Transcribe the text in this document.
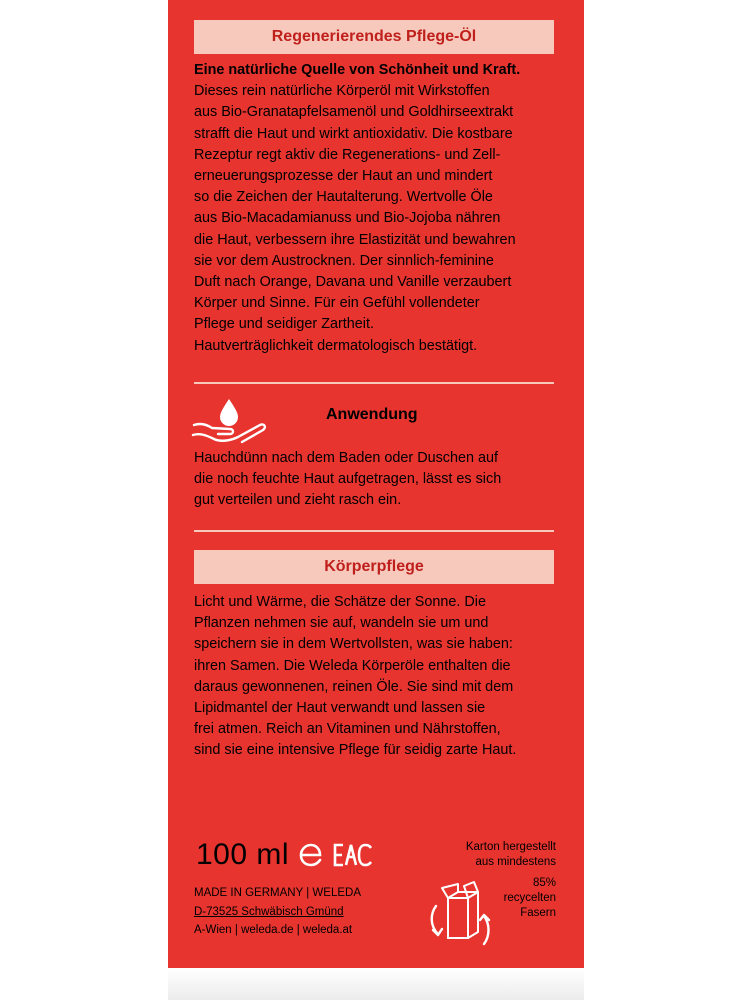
Regenerierendes Pflege-Öl
Eine natürliche Quelle von Schönheit und Kraft.
Dieses rein natürliche Körperöl mit Wirkstoffen
aus Bio-Granatapfelsamenöl und Goldhirseextrakt
strafft die Haut und wirkt antioxidativ. Die kostbare
Rezeptur regt aktiv die Regenerations- und Zell-
erneuerungsprozesse der Haut an und mindert
so die Zeichen der Hautalterung. Wertvolle Öle
aus Bio-Macadamianuss und Bio-Jojoba nähren
die Haut, verbessern ihre Elastizität und bewahren
sie vor dem Austrocknen. Der sinnlich-feminine
Duft nach Orange, Davana und Vanille verzaubert
Körper und Sinne. Für ein Gefühl vollendeter
Pflege und seidiger Zartheit.
Hautverträglichkeit dermatologisch bestätigt.
Anwendung
Hauchdünn nach dem Baden oder Duschen auf
die noch feuchte Haut aufgetragen, lässt es sich
gut verteilen und zieht rasch ein.
Körperpflege
Licht und Wärme, die Schätze der Sonne. Die
Pflanzen nehmen sie auf, wandeln sie um und
speichern sie in dem Wertvollsten, was sie haben:
ihren Samen. Die Weleda Körperöle enthalten die
daraus gewonnenen, reinen Öle. Sie sind mit dem
Lipidmantel der Haut verwandt und lassen sie
frei atmen. Reich an Vitaminen und Nährstoffen,
sind sie eine intensive Pflege für seidig zarte Haut.
100 ml
MADE IN GERMANY | WELEDA
D-73525 Schwäbisch Gmünd
A-Wien | weleda.de | weleda.at
Karton hergestellt
aus mindestens
85%
recycelten
Fasern
